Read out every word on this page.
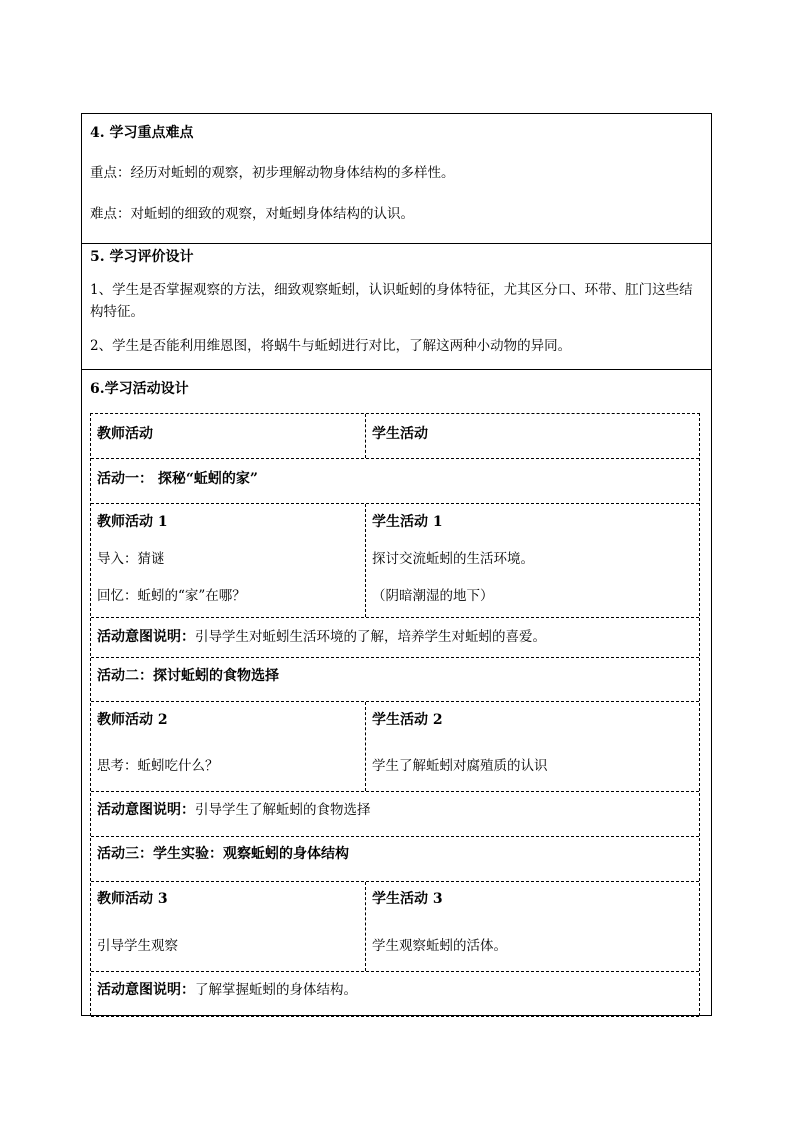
4. 学习重点难点
重点：经历对蚯蚓的观察，初步理解动物身体结构的多样性。
难点：对蚯蚓的细致的观察，对蚯蚓身体结构的认识。
5. 学习评价设计
1、学生是否掌握观察的方法，细致观察蚯蚓，认识蚯蚓的身体特征，尤其区分口、环带、肛门这些结构特征。
2、学生是否能利用维恩图，将蜗牛与蚯蚓进行对比，了解这两种小动物的异同。
6.学习活动设计
教师活动	学生活动
活动一： 探秘“蚯蚓的家”
教师活动 1
导入：猜谜
回忆：蚯蚓的“家”在哪？
学生活动 1
探讨交流蚯蚓的生活环境。
（阴暗潮湿的地下）
活动意图说明：引导学生对蚯蚓生活环境的了解，培养学生对蚯蚓的喜爱。
活动二：探讨蚯蚓的食物选择
教师活动 2
思考：蚯蚓吃什么？
学生活动 2
学生了解蚯蚓对腐殖质的认识
活动意图说明：引导学生了解蚯蚓的食物选择
活动三：学生实验：观察蚯蚓的身体结构
教师活动 3
引导学生观察
学生活动 3
学生观察蚯蚓的活体。
活动意图说明：了解掌握蚯蚓的身体结构。
